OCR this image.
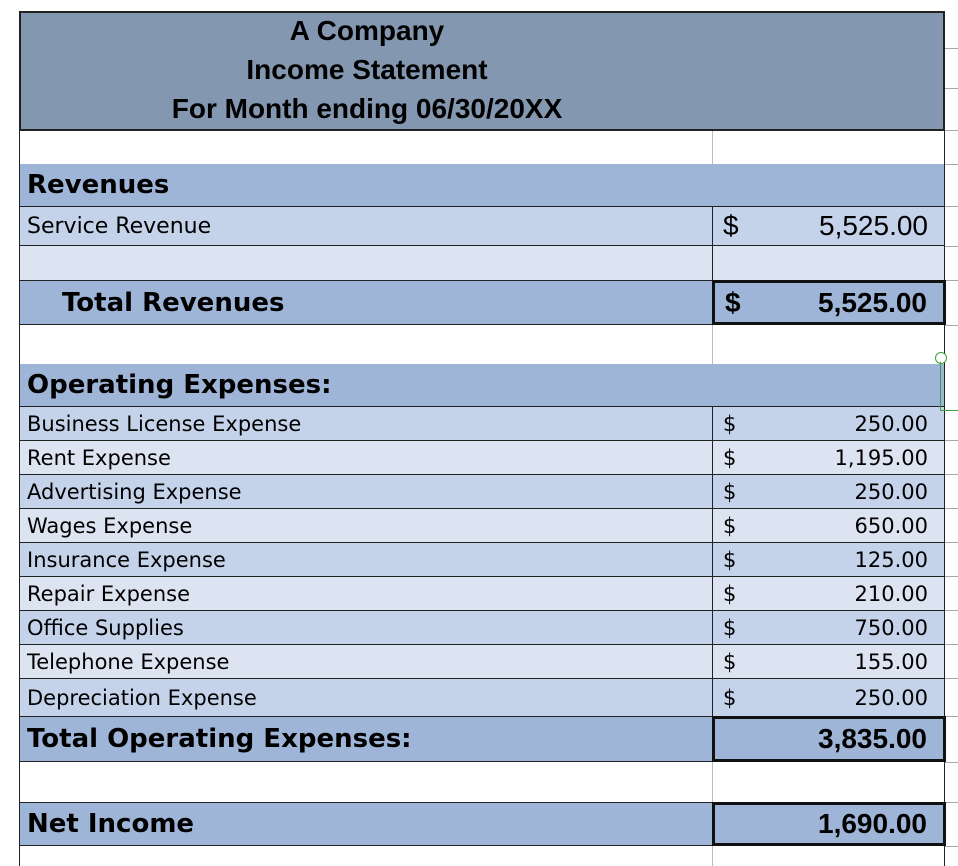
A Company
Income Statement
For Month ending 06/30/20XX
Revenues
Service Revenue	$	5,525.00
Total Revenues	$	5,525.00
Operating Expenses:
Business License Expense	$	250.00
Rent Expense	$	1,195.00
Advertising Expense	$	250.00
Wages Expense	$	650.00
Insurance Expense	$	125.00
Repair Expense	$	210.00
Office Supplies	$	750.00
Telephone Expense	$	155.00
Depreciation Expense	$	250.00
Total Operating Expenses:	3,835.00
Net Income	1,690.00
